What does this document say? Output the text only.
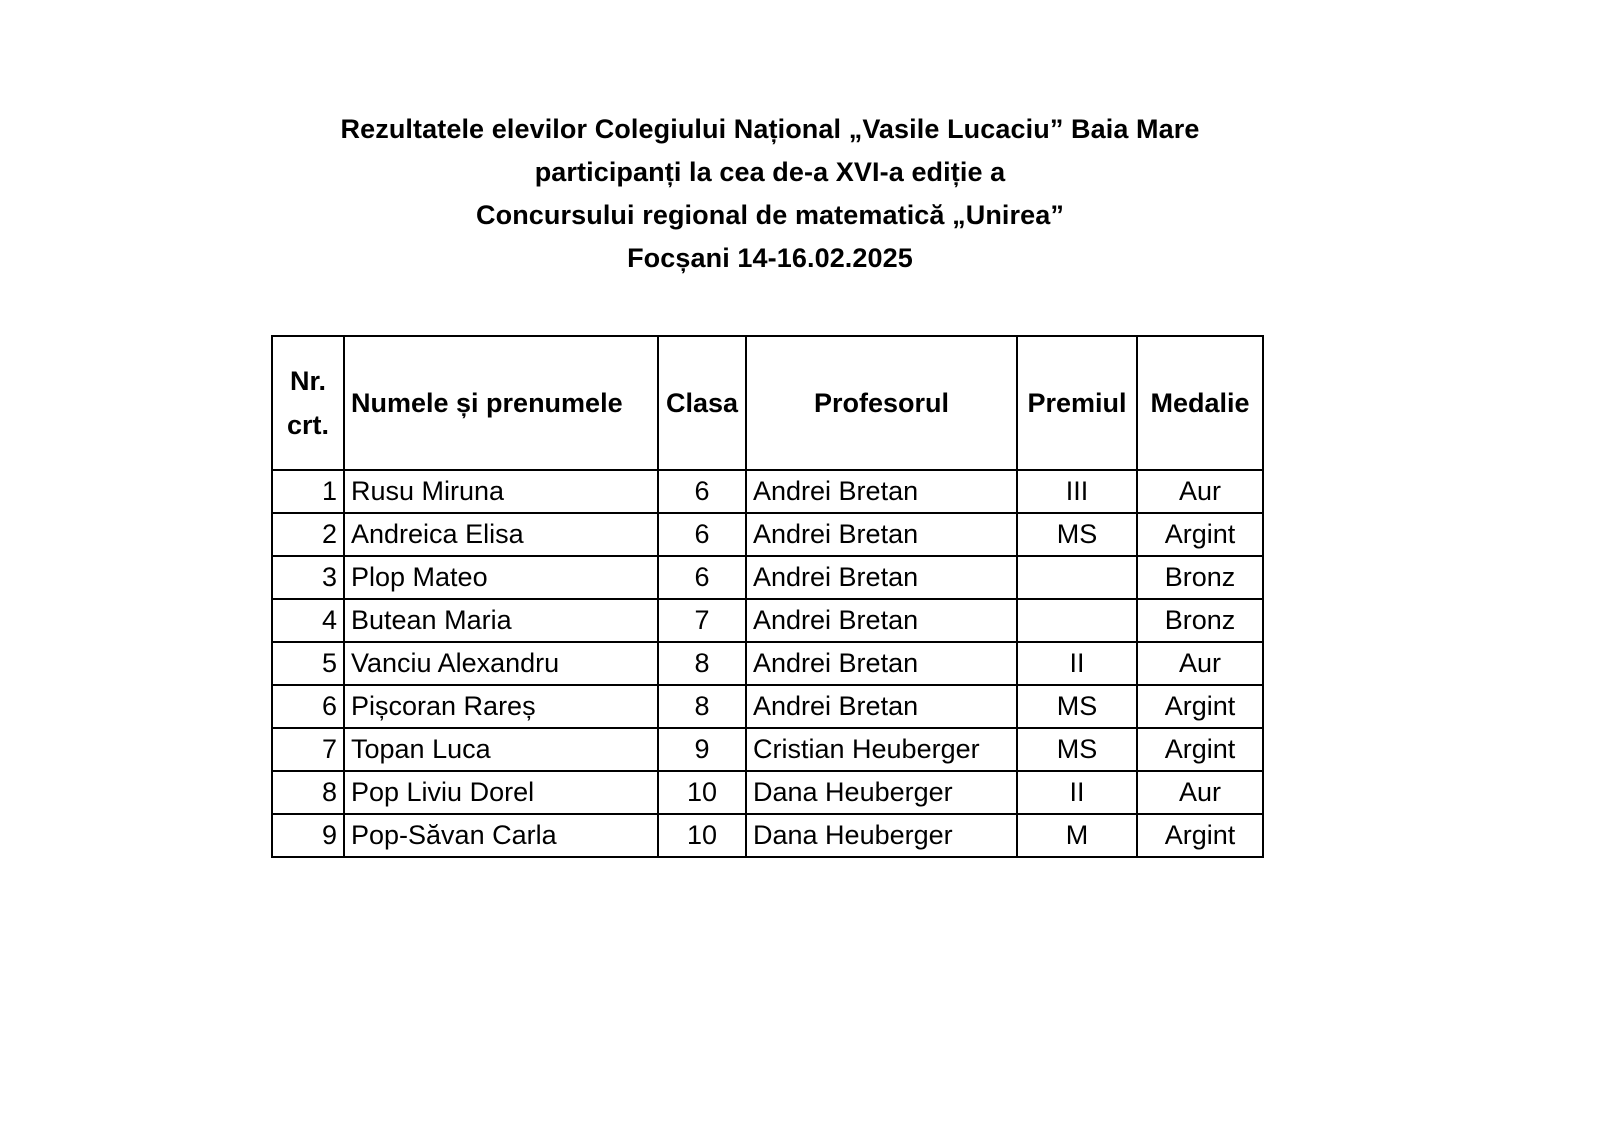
Rezultatele elevilor Colegiului Național „Vasile Lucaciu” Baia Mare
participanți la cea de-a XVI-a ediție a
Concursului regional de matematică „Unirea”
Focșani 14-16.02.2025
Nr.
crt.	Numele și prenumele	Clasa	Profesorul	Premiul	Medalie
1	Rusu Miruna	6	Andrei Bretan	III	Aur
2	Andreica Elisa	6	Andrei Bretan	MS	Argint
3	Plop Mateo	6	Andrei Bretan		Bronz
4	Butean Maria	7	Andrei Bretan		Bronz
5	Vanciu Alexandru	8	Andrei Bretan	II	Aur
6	Pișcoran Rareș	8	Andrei Bretan	MS	Argint
7	Topan Luca	9	Cristian Heuberger	MS	Argint
8	Pop Liviu Dorel	10	Dana Heuberger	II	Aur
9	Pop-Săvan Carla	10	Dana Heuberger	M	Argint
